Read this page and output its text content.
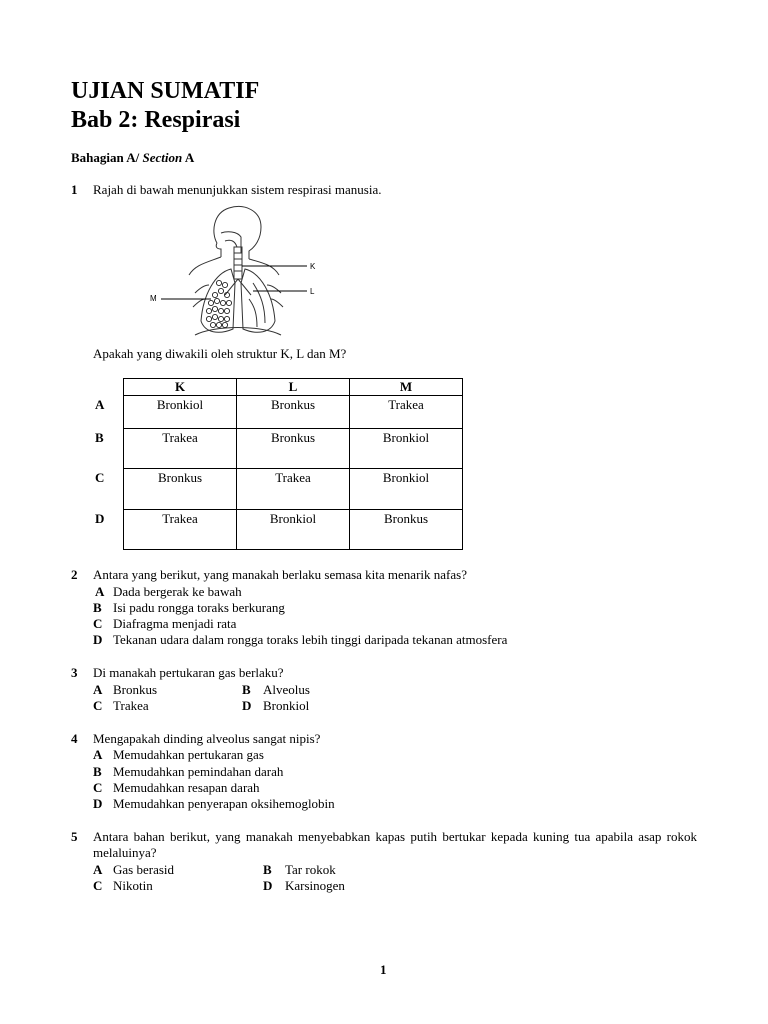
UJIAN SUMATIF
Bab 2: Respirasi
Bahagian A/ Section A
1 Rajah di bawah menunjukkan sistem respirasi manusia.
K
L
M
Apakah yang diwakili oleh struktur K, L dan M?
K	L	M
Bronkiol	Bronkus	Trakea
Trakea	Bronkus	Bronkiol
Bronkus	Trakea	Bronkiol
Trakea	Bronkiol	Bronkus
A
B
C
D
2 Antara yang berikut, yang manakah berlaku semasa kita menarik nafas?
A Dada bergerak ke bawah
B Isi padu rongga toraks berkurang
C Diafragma menjadi rata
D Tekanan udara dalam rongga toraks lebih tinggi daripada tekanan atmosfera
3 Di manakah pertukaran gas berlaku?
A Bronkus	B Alveolus
C Trakea	D Bronkiol
4 Mengapakah dinding alveolus sangat nipis?
A Memudahkan pertukaran gas
B Memudahkan pemindahan darah
C Memudahkan resapan darah
D Memudahkan penyerapan oksihemoglobin
5 Antara bahan berikut, yang manakah menyebabkan kapas putih bertukar kepada kuning tua apabila asap rokok melaluinya?
A Gas berasid	B Tar rokok
C Nikotin	D Karsinogen
1
